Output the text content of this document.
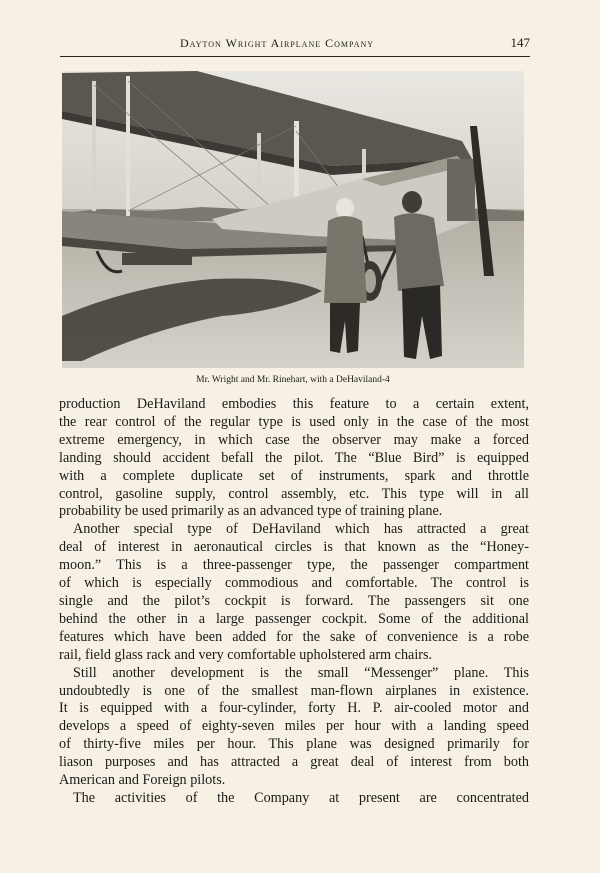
Dayton Wright Airplane Company	147
Mr. Wright and Mr. Rinehart, with a DeHaviland-4

production DeHaviland embodies this feature to a certain extent,

the rear control of the regular type is used only in the case of the most

extreme emergency, in which case the observer may make a forced

landing should accident befall the pilot. The “Blue Bird” is equipped

with a complete duplicate set of instruments, spark and throttle

control, gasoline supply, control assembly, etc. This type will in all

probability be used primarily as an advanced type of training plane.

Another special type of DeHaviland which has attracted a great

deal of interest in aeronautical circles is that known as the “Honey-

moon.” This is a three-passenger type, the passenger compartment

of which is especially commodious and comfortable. The control is

single and the pilot’s cockpit is forward. The passengers sit one

behind the other in a large passenger cockpit. Some of the additional

features which have been added for the sake of convenience is a robe

rail, field glass rack and very comfortable upholstered arm chairs.

Still another development is the small “Messenger” plane. This

undoubtedly is one of the smallest man-flown airplanes in existence.

It is equipped with a four-cylinder, forty H. P. air-cooled motor and

develops a speed of eighty-seven miles per hour with a landing speed

of thirty-five miles per hour. This plane was designed primarily for

liason purposes and has attracted a great deal of interest from both

American and Foreign pilots.

The activities of the Company at present are concentrated
